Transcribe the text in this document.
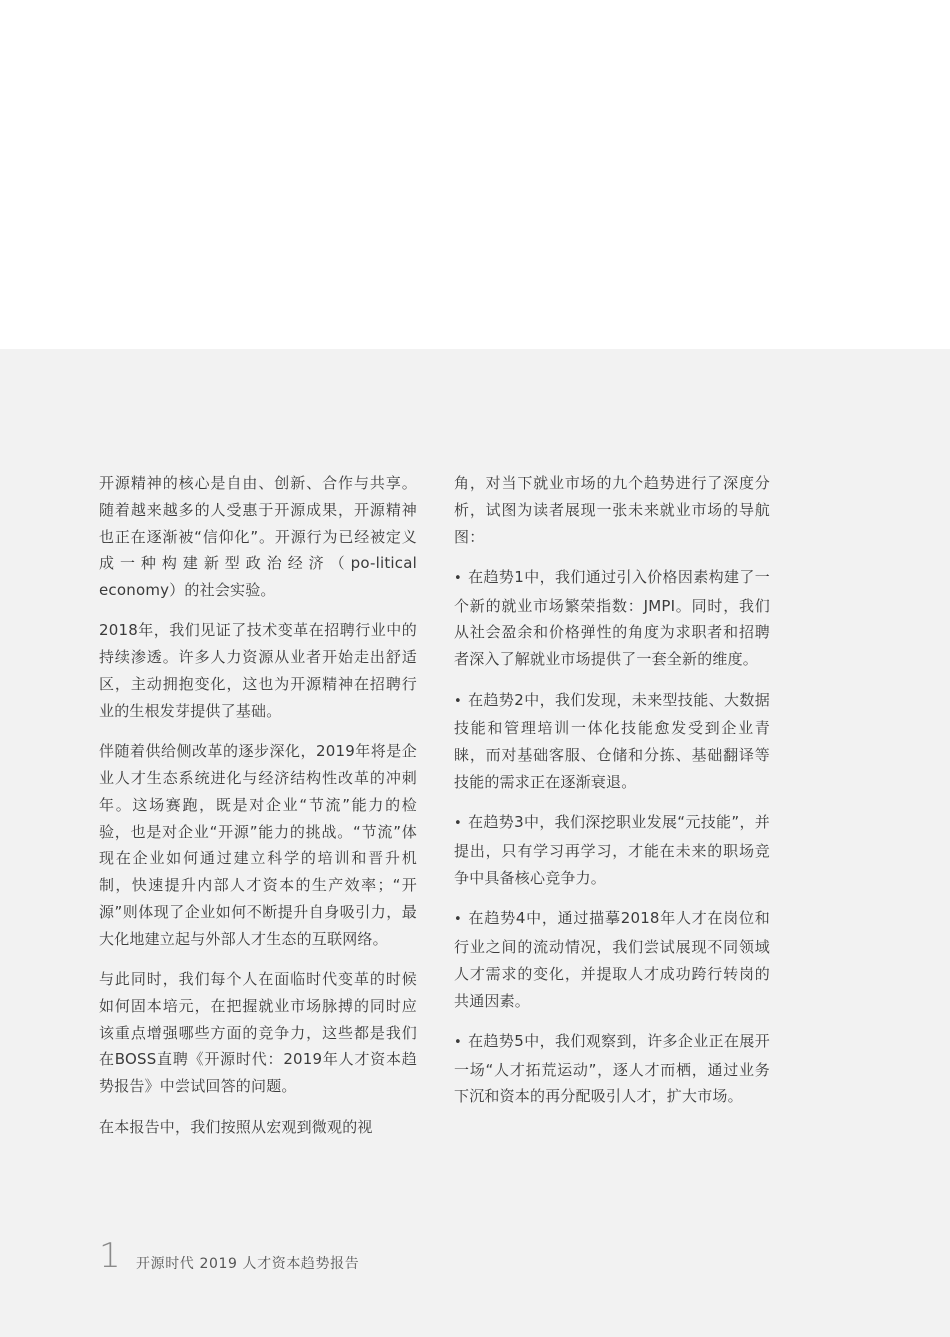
开源精神的核心是自由、创新、合作与共享。随着越来越多的人受惠于开源成果，开源精神也正在逐渐被“信仰化”。开源行为已经被定义成一种构建新型政治经济（po-litical economy）的社会实验。

2018年，我们见证了技术变革在招聘行业中的持续渗透。许多人力资源从业者开始走出舒适区，主动拥抱变化，这也为开源精神在招聘行业的生根发芽提供了基础。

伴随着供给侧改革的逐步深化，2019年将是企业人才生态系统进化与经济结构性改革的冲刺年。这场赛跑，既是对企业“节流”能力的检验，也是对企业“开源”能力的挑战。“节流”体现在企业如何通过建立科学的培训和晋升机制，快速提升内部人才资本的生产效率；“开源”则体现了企业如何不断提升自身吸引力，最大化地建立起与外部人才生态的互联网络。

与此同时，我们每个人在面临时代变革的时候如何固本培元，在把握就业市场脉搏的同时应该重点增强哪些方面的竞争力，这些都是我们在BOSS直聘《开源时代：2019年人才资本趋势报告》中尝试回答的问题。

在本报告中，我们按照从宏观到微观的视

角，对当下就业市场的九个趋势进行了深度分析，试图为读者展现一张未来就业市场的导航图：

• 在趋势1中，我们通过引入价格因素构建了一个新的就业市场繁荣指数：JMPI。同时，我们从社会盈余和价格弹性的角度为求职者和招聘者深入了解就业市场提供了一套全新的维度。

• 在趋势2中，我们发现，未来型技能、大数据技能和管理培训一体化技能愈发受到企业青睐，而对基础客服、仓储和分拣、基础翻译等技能的需求正在逐渐衰退。

• 在趋势3中，我们深挖职业发展“元技能”，并提出，只有学习再学习，才能在未来的职场竞争中具备核心竞争力。

• 在趋势4中，通过描摹2018年人才在岗位和行业之间的流动情况，我们尝试展现不同领域人才需求的变化，并提取人才成功跨行转岗的共通因素。

• 在趋势5中，我们观察到，许多企业正在展开一场“人才拓荒运动”，逐人才而栖，通过业务下沉和资本的再分配吸引人才，扩大市场。

1 开源时代 2019 人才资本趋势报告
